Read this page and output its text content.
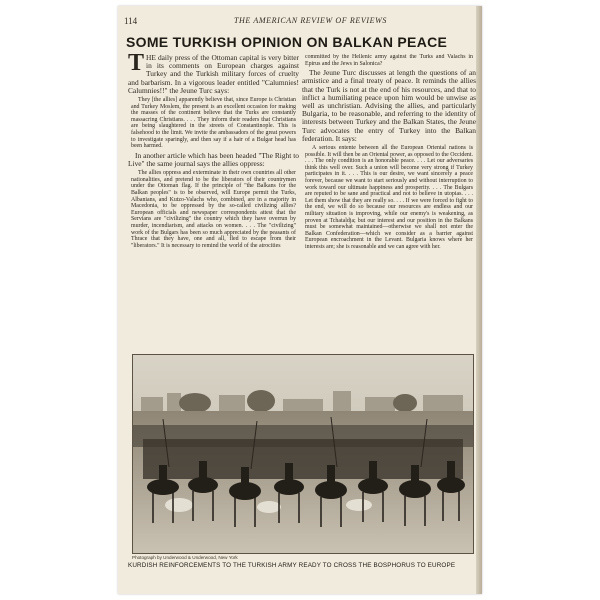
114	THE AMERICAN REVIEW OF REVIEWS
SOME TURKISH OPINION ON BALKAN PEACE

THE daily press of the Ottoman capital is very bitter in its comments on European charges against Turkey and the Turkish military forces of cruelty and barbarism. In a vigorous leader entitled "Calumnies! Calumnies!!" the Jeune Turc says:

They [the allies] apparently believe that, since Europe is Christian and Turkey Moslem, the present is an excellent occasion for making the masses of the continent believe that the Turks are constantly massacring Christians. . . . They inform their readers that Christians are being slaughtered in the streets of Constantinople. This is falsehood to the limit. We invite the ambassadors of the great powers to investigate sparingly, and then say if a hair of a Bulgar head has been harmed.

In another article which has been headed "The Right to Live" the same journal says the allies oppress:

The allies oppress and exterminate in their own countries all other nationalities, and pretend to be the liberators of their countrymen under the Ottoman flag. If the principle of "the Balkans for the Balkan peoples" is to be observed, will Europe permit the Turks, Albanians, and Kutzo-Valachs who, combined, are in a majority in Macedonia, to be oppressed by the so-called civilizing allies? European officials and newspaper correspondents attest that the Servians are "civilizing" the country which they have overrun by murder, incendiarism, and attacks on women. . . . The "civilizing" work of the Bulgars has been so much appreciated by the peasants of Thrace that they have, one and all, fled to escape from their "liberators." It is necessary to remind the world of the atrocities

committed by the Hellenic army against the Turks and Valachs in Epirus and the Jews in Salonica?

The Jeune Turc discusses at length the questions of an armistice and a final treaty of peace. It reminds the allies that the Turk is not at the end of his resources, and that to inflict a humiliating peace upon him would be unwise as well as unchristian. Advising the allies, and particularly Bulgaria, to be reasonable, and referring to the identity of interests between Turkey and the Balkan States, the Jeune Turc advocates the entry of Turkey into the Balkan federation. It says:

A serious entente between all the European Oriental nations is possible. It will then be an Oriental power, as opposed to the Occident. . . . The only condition is an honorable peace. . . . Let our adversaries think this well over. Such a union will become very strong if Turkey participates in it. . . . This is our desire, we want sincerely a peace forever, because we want to start seriously and without interruption to work toward our ultimate happiness and prosperity. . . . The Bulgars are reputed to be sane and practical and not to believe in utopias. . . . Let them show that they are really so. . . . If we were forced to fight to the end, we will do so because our resources are endless and our military situation is improving, while our enemy's is weakening, as proven at Tchataldja; but our interest and our position in the Balkans must be somewhat maintained—otherwise we shall not enter the Balkan Confederation—which we consider as a barrier against European encroachment in the Levant. Bulgaria knows where her interests are; she is reasonable and we can agree with her.

Photograph by Underwood & Underwood, New York
KURDISH REINFORCEMENTS TO THE TURKISH ARMY READY TO CROSS THE BOSPHORUS TO EUROPE
